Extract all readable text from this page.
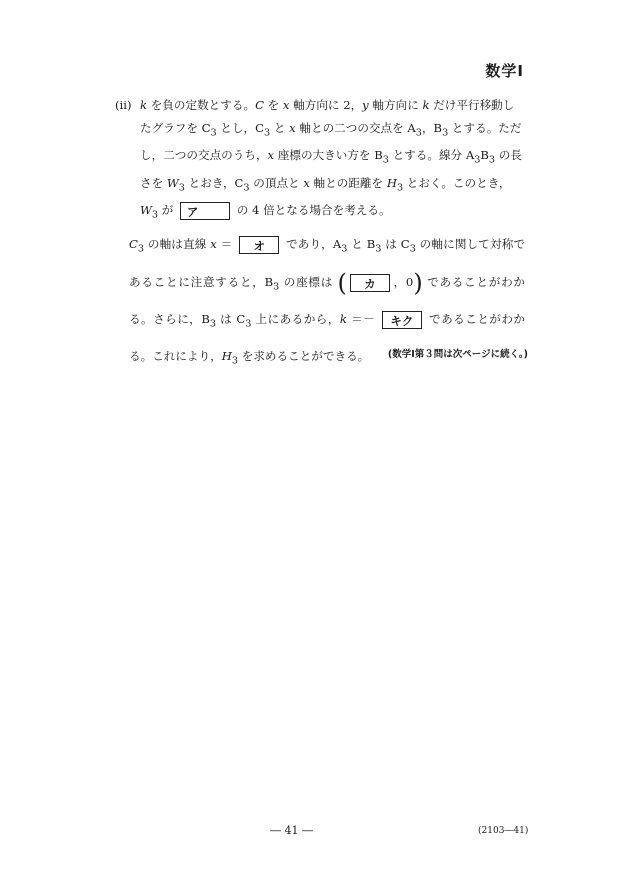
数学Ⅰ

(ii) k を負の定数とする。C を x 軸方向に 2，y 軸方向に k だけ平行移動したグラフを $C_3$ とし，$C_3$ と x 軸との二つの交点を $A_3$，$B_3$ とする。ただし，二つの交点のうち，x 座標の大きい方を $B_3$ とする。線分 $A_3B_3$ の長さを $W_3$ とおき，$C_3$ の頂点と x 軸との距離を $H_3$ とおく。このとき，$W_3$ が ア	の 4 倍となる場合を考える。

$C_3$ の軸は直線 x ＝ オ であり，$A_3$ と $B_3$ は $C_3$ の軸に関して対称であることに注意すると，$B_3$ の座標は ( カ ，0) であることがわかる。さらに，$B_3$ は $C_3$ 上にあるから，k ＝－ キク であることがわかる。これにより，$H_3$ を求めることができる。	(数学Ⅰ第３問は次ページに続く。)
― 41 ―	(2103―41)
